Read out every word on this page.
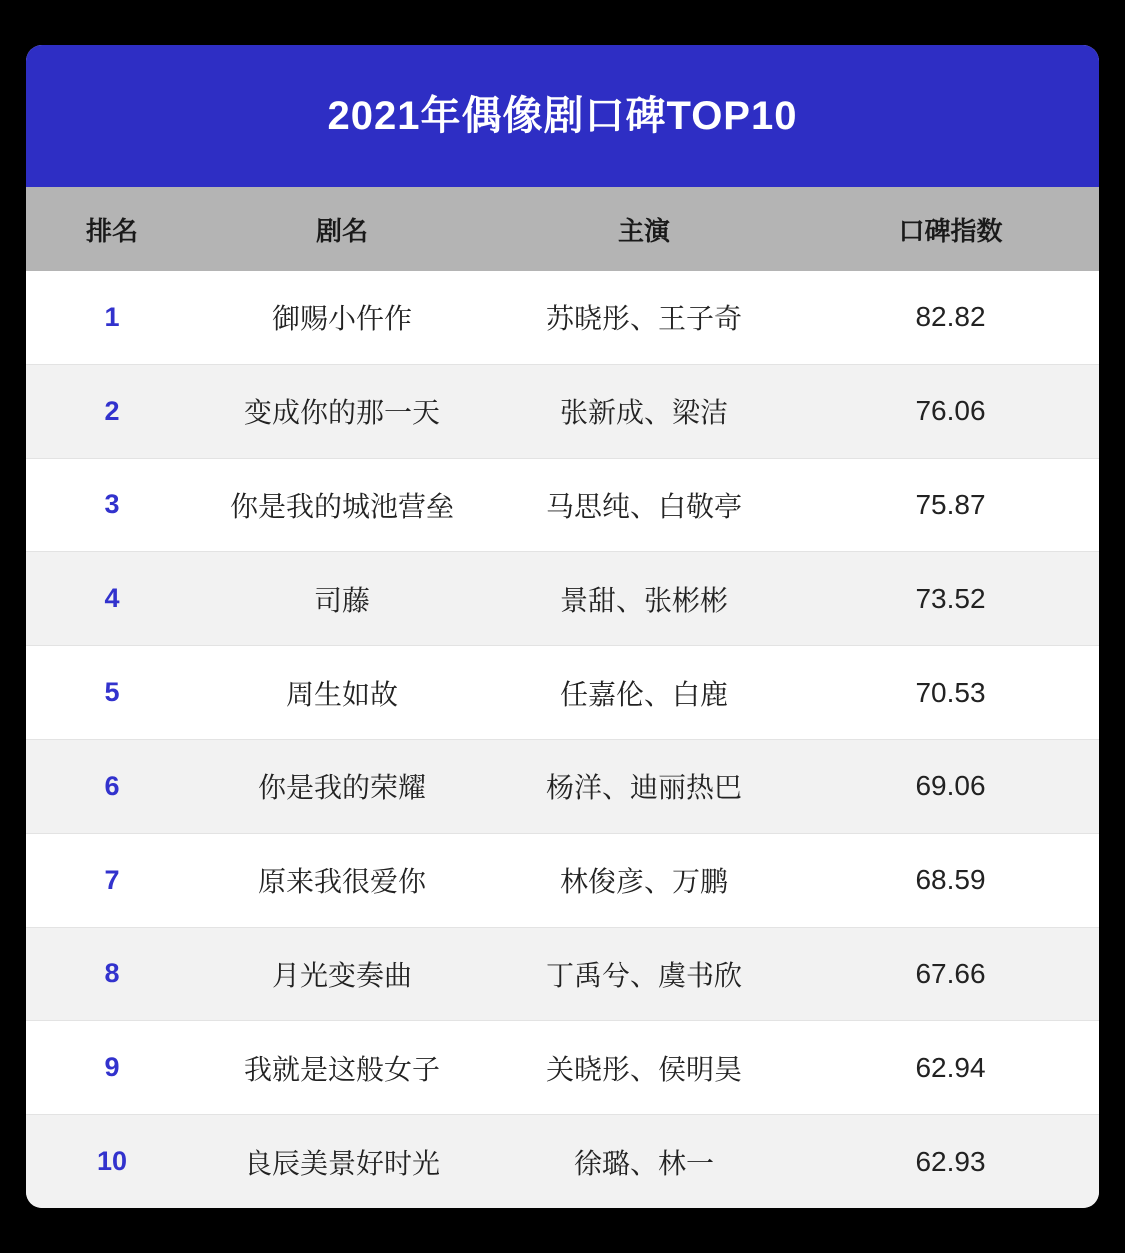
2021年偶像剧口碑TOP10
排名	剧名	主演	口碑指数
1	御赐小仵作	苏晓彤、王子奇	82.82
2	变成你的那一天	张新成、梁洁	76.06
3	你是我的城池营垒	马思纯、白敬亭	75.87
4	司藤	景甜、张彬彬	73.52
5	周生如故	任嘉伦、白鹿	70.53
6	你是我的荣耀	杨洋、迪丽热巴	69.06
7	原来我很爱你	林俊彦、万鹏	68.59
8	月光变奏曲	丁禹兮、虞书欣	67.66
9	我就是这般女子	关晓彤、侯明昊	62.94
10	良辰美景好时光	徐璐、林一	62.93
